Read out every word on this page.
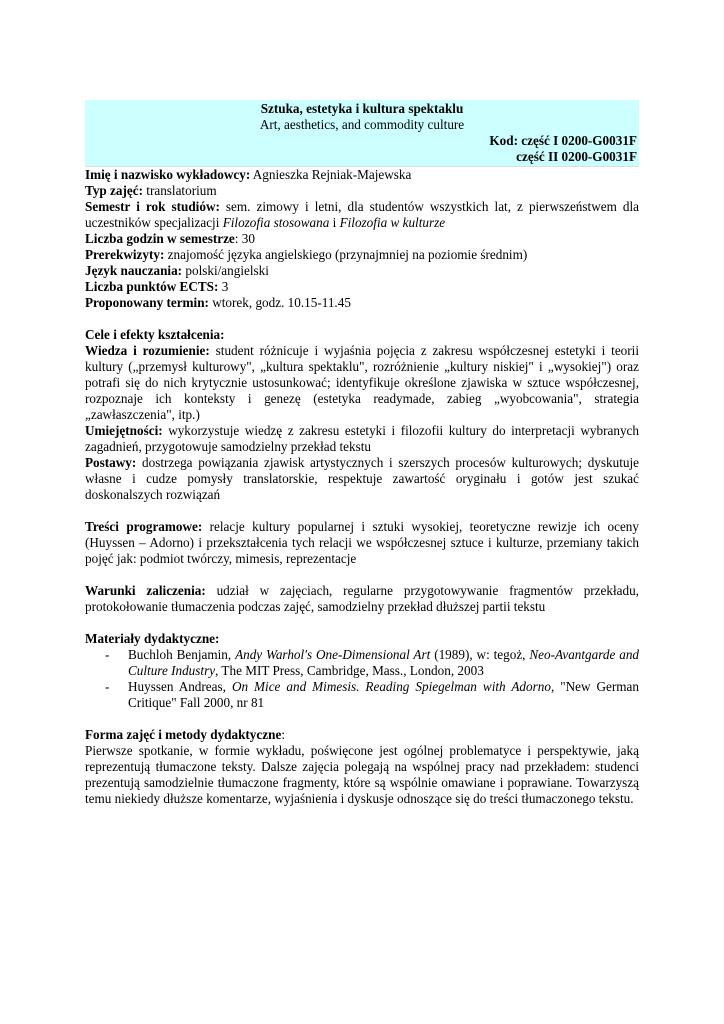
Sztuka, estetyka i kultura spektaklu

Art, aesthetics, and commodity culture

Kod: część I 0200-G0031F

część II 0200-G0031F

Imię i nazwisko wykładowcy: Agnieszka Rejniak-Majewska

Typ zajęć: translatorium

Semestr i rok studiów: sem. zimowy i letni, dla studentów wszystkich lat, z pierwszeństwem dla uczestników specjalizacji Filozofia stosowana i Filozofia w kulturze

Liczba godzin w semestrze: 30

Prerekwizyty: znajomość języka angielskiego (przynajmniej na poziomie średnim)

Język nauczania: polski/angielski

Liczba punktów ECTS: 3

Proponowany termin: wtorek, godz. 10.15-11.45

Cele i efekty kształcenia:

Wiedza i rozumienie: student różnicuje i wyjaśnia pojęcia z zakresu współczesnej estetyki i teorii kultury („przemysł kulturowy", „kultura spektaklu", rozróżnienie „kultury niskiej" i „wysokiej") oraz potrafi się do nich krytycznie ustosunkować; identyfikuje określone zjawiska w sztuce współczesnej, rozpoznaje ich konteksty i genezę (estetyka readymade, zabieg „wyobcowania", strategia „zawłaszczenia", itp.)

Umiejętności: wykorzystuje wiedzę z zakresu estetyki i filozofii kultury do interpretacji wybranych zagadnień, przygotowuje samodzielny przekład tekstu

Postawy: dostrzega powiązania zjawisk artystycznych i szerszych procesów kulturowych; dyskutuje własne i cudze pomysły translatorskie, respektuje zawartość oryginału i gotów jest szukać doskonalszych rozwiązań

Treści programowe: relacje kultury popularnej i sztuki wysokiej, teoretyczne rewizje ich oceny (Huyssen – Adorno) i przekształcenia tych relacji we współczesnej sztuce i kulturze, przemiany takich pojęć jak: podmiot twórczy, mimesis, reprezentacje

Warunki zaliczenia: udział w zajęciach, regularne przygotowywanie fragmentów przekładu, protokołowanie tłumaczenia podczas zajęć, samodzielny przekład dłuższej partii tekstu

Materiały dydaktyczne:

- Buchloh Benjamin, Andy Warhol's One-Dimensional Art (1989), w: tegoż, Neo-Avantgarde and Culture Industry, The MIT Press, Cambridge, Mass., London, 2003
- Huyssen Andreas, On Mice and Mimesis. Reading Spiegelman with Adorno, "New German Critique" Fall 2000, nr 81

Forma zajęć i metody dydaktyczne:

Pierwsze spotkanie, w formie wykładu, poświęcone jest ogólnej problematyce i perspektywie, jaką reprezentują tłumaczone teksty. Dalsze zajęcia polegają na wspólnej pracy nad przekładem: studenci prezentują samodzielnie tłumaczone fragmenty, które są wspólnie omawiane i poprawiane. Towarzyszą temu niekiedy dłuższe komentarze, wyjaśnienia i dyskusje odnoszące się do treści tłumaczonego tekstu.
